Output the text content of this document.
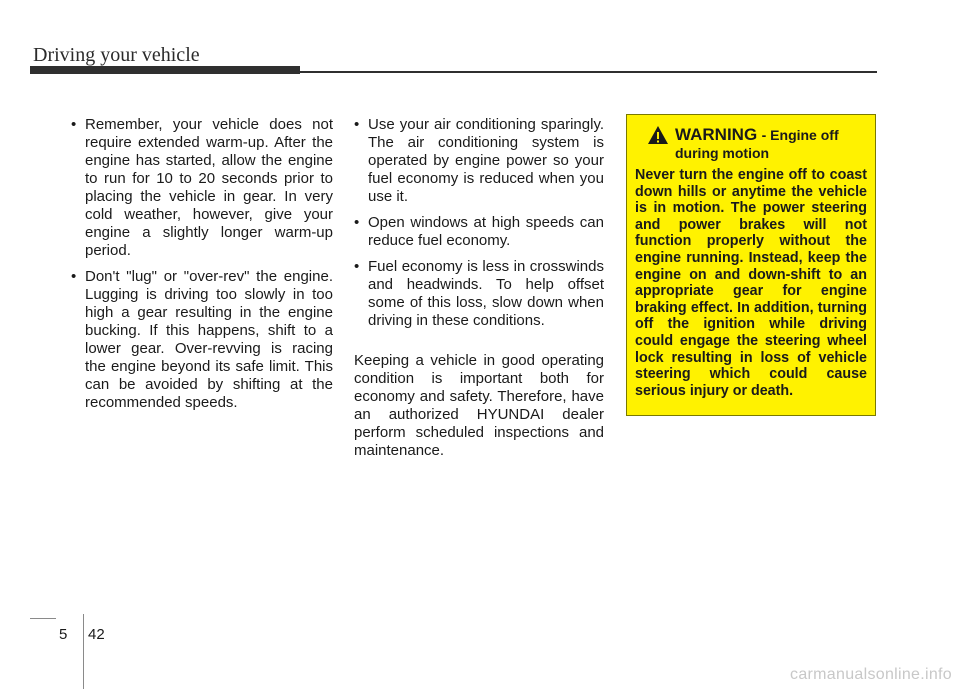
Driving your vehicle
• Remember, your vehicle does not require extended warm-up. After the engine has started, allow the engine to run for 10 to 20 seconds prior to placing the vehicle in gear. In very cold weather, however, give your engine a slightly longer warm-up period.
• Don't "lug" or "over-rev" the engine. Lugging is driving too slowly in too high a gear resulting in the engine bucking. If this happens, shift to a lower gear. Over-revving is racing the engine beyond its safe limit. This can be avoided by shifting at the recommended speeds.
• Use your air conditioning sparingly. The air conditioning system is operated by engine power so your fuel economy is reduced when you use it.
• Open windows at high speeds can reduce fuel economy.
• Fuel economy is less in crosswinds and headwinds. To help offset some of this loss, slow down when driving in these conditions.

Keeping a vehicle in good operating condition is important both for economy and safety. Therefore, have an authorized HYUNDAI dealer perform scheduled inspections and maintenance.

WARNING - Engine off
during motion
Never turn the engine off to coast down hills or anytime the vehicle is in motion. The power steering and power brakes will not function properly without the engine running. Instead, keep the engine on and down-shift to an appropriate gear for engine braking effect. In addition, turning off the ignition while driving could engage the steering wheel lock resulting in loss of vehicle steering which could cause serious injury or death.
5 42
carmanualsonline.info
